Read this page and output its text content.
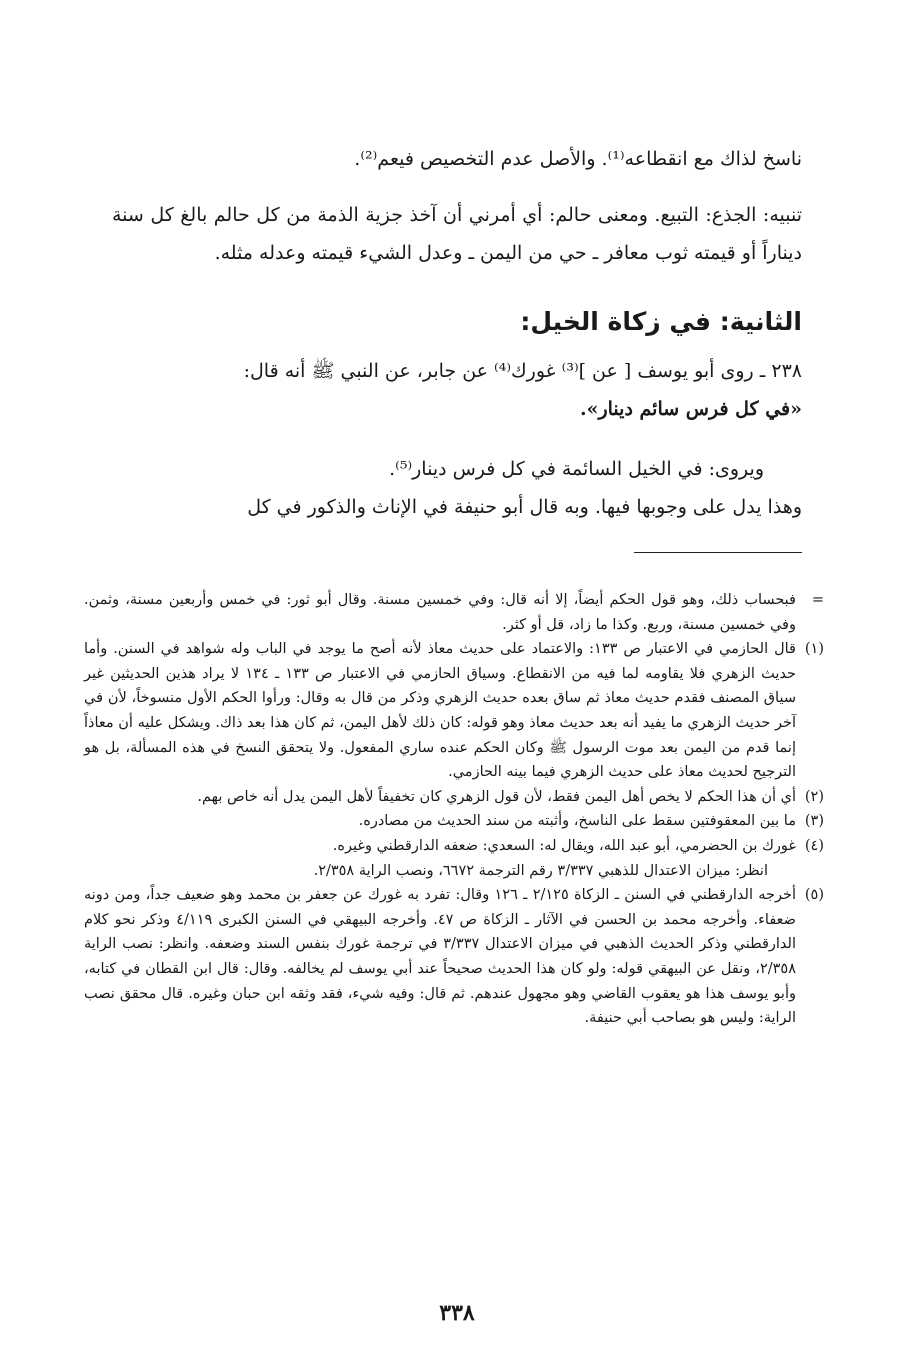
ناسخ لذاك مع انقطاعه⁽¹⁾. والأصل عدم التخصيص فيعم⁽²⁾.

تنبيه: الجذع: التبيع. ومعنى حالم: أي أمرني أن آخذ جزية الذمة من كل حالم بالغ كل سنة ديناراً أو قيمته ثوب معافر ـ حي من اليمن ـ وعدل الشيء قيمته وعدله مثله.

الثانية: في زكاة الخيل:
٢٣٨ ـ روى أبو يوسف [ عن ]⁽³⁾ غورك⁽⁴⁾ عن جابر، عن النبي ﷺ أنه قال:
«في كل فرس سائم دينار».

ويروى: في الخيل السائمة في كل فرس دينار⁽⁵⁾.

وهذا يدل على وجوبها فيها. وبه قال أبو حنيفة في الإناث والذكور في كل

=
فبحساب ذلك، وهو قول الحكم أيضاً، إلا أنه قال: وفي خمسين مسنة. وقال أبو ثور: في خمس وأربعين مسنة، وثمن. وفي خمسين مسنة، وربع. وكذا ما زاد، قل أو كثر.

(١)
قال الحازمي في الاعتبار ص ١٣٣: والاعتماد على حديث معاذ لأنه أصح ما يوجد في الباب وله شواهد في السنن. وأما حديث الزهري فلا يقاومه لما فيه من الانقطاع. وسياق الحازمي في الاعتبار ص ١٣٣ ـ ١٣٤ لا يراد هذين الحديثين غير سياق المصنف فقدم حديث معاذ ثم ساق بعده حديث الزهري وذكر من قال به وقال: ورأوا الحكم الأول منسوخاً، لأن في آخر حديث الزهري ما يفيد أنه بعد حديث معاذ وهو قوله: كان ذلك لأهل اليمن، ثم كان هذا بعد ذاك. ويشكل عليه أن معاذاً إنما قدم من اليمن بعد موت الرسول ﷺ وكان الحكم عنده ساري المفعول. ولا يتحقق النسخ في هذه المسألة، بل هو الترجيح لحديث معاذ على حديث الزهري فيما بينه الحازمي.

(٢)
أي أن هذا الحكم لا يخص أهل اليمن فقط، لأن قول الزهري كان تخفيفاً لأهل اليمن يدل أنه خاص بهم.

(٣)
ما بين المعقوفتين سقط على الناسخ، وأثبته من سند الحديث من مصادره.

(٤)
غورك بن الحضرمي، أبو عبد الله، ويقال له: السعدي: ضعفه الدارقطني وغيره.

انظر: ميزان الاعتدال للذهبي ٣/٣٣٧ رقم الترجمة ٦٦٧٢، ونصب الراية ٢/٣٥٨.

(٥)
أخرجه الدارقطني في السنن ـ الزكاة ٢/١٢٥ ـ ١٢٦ وقال: تفرد به غورك عن جعفر بن محمد وهو ضعيف جداً، ومن دونه ضعفاء. وأخرجه محمد بن الحسن في الآثار ـ الزكاة ص ٤٧. وأخرجه البيهقي في السنن الكبرى ٤/١١٩ وذكر نحو كلام الدارقطني وذكر الحديث الذهبي في ميزان الاعتدال ٣/٣٣٧ في ترجمة غورك بنفس السند وضعفه. وانظر: نصب الراية ٢/٣٥٨، ونقل عن البيهقي قوله: ولو كان هذا الحديث صحيحاً عند أبي يوسف لم يخالفه. وقال: قال ابن القطان في كتابه، وأبو يوسف هذا هو يعقوب القاضي وهو مجهول عندهم. ثم قال: وفيه شيء، فقد وثقه ابن حبان وغيره. قال محقق نصب الراية: وليس هو بصاحب أبي حنيفة.

٣٣٨
